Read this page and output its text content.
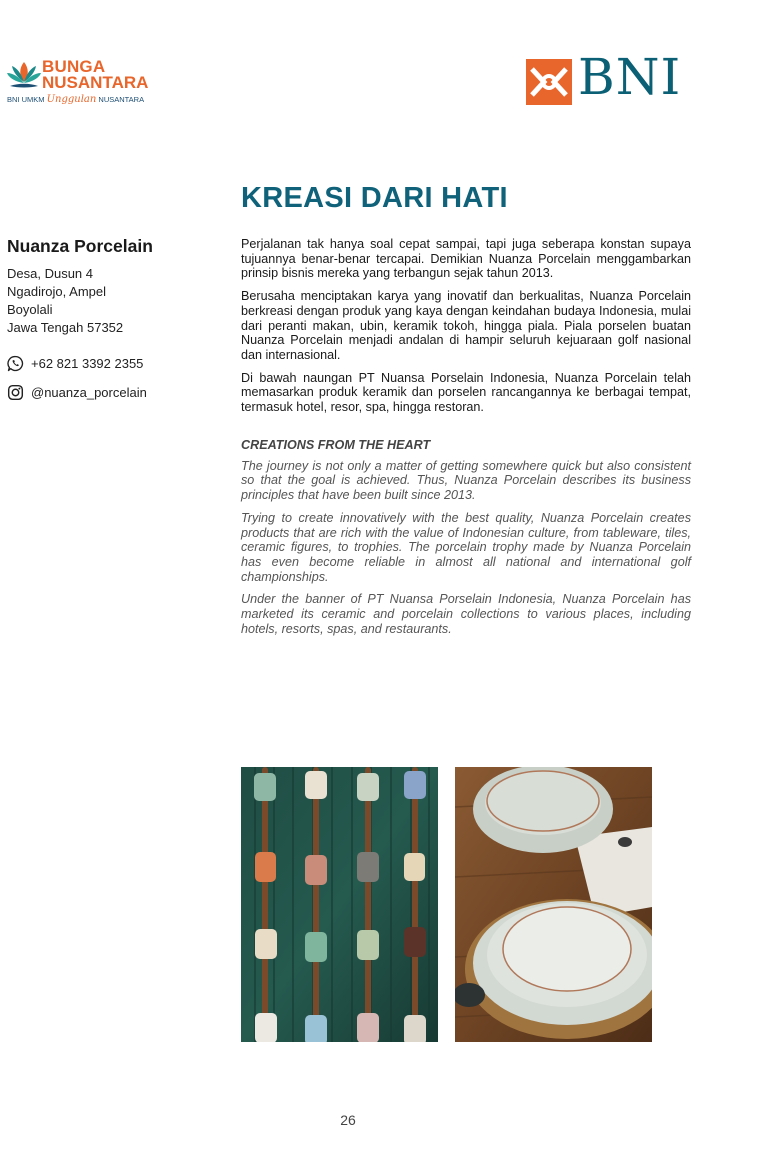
BUNGA
NUSANTARA
BNI UMKM Unggulan NUSANTARA	BNI
KREASI DARI HATI
Nuanza Porcelain
Desa, Dusun 4
Ngadirojo, Ampel
Boyolali
Jawa Tengah 57352
+62 821 3392 2355
@nuanza_porcelain

Perjalanan tak hanya soal cepat sampai, tapi juga seberapa konstan supaya tujuannya benar-benar tercapai. Demikian Nuanza Porcelain menggambarkan prinsip bisnis mereka yang terbangun sejak tahun 2013.

Berusaha menciptakan karya yang inovatif dan berkualitas, Nuanza Porcelain berkreasi dengan produk yang kaya dengan keindahan budaya Indonesia, mulai dari peranti makan, ubin, keramik tokoh, hingga piala. Piala porselen buatan Nuanza Porcelain menjadi andalan di hampir seluruh kejuaraan golf nasional dan internasional.

Di bawah naungan PT Nuansa Porselain Indonesia, Nuanza Porcelain telah memasarkan produk keramik dan porselen rancangannya ke berbagai tempat, termasuk hotel, resor, spa, hingga restoran.

CREATIONS FROM THE HEART

The journey is not only a matter of getting somewhere quick but also consistent so that the goal is achieved. Thus, Nuanza Porcelain describes its business principles that have been built since 2013.

Trying to create innovatively with the best quality, Nuanza Porcelain creates products that are rich with the value of Indonesian culture, from tableware, tiles, ceramic figures, to trophies. The porcelain trophy made by Nuanza Porcelain has even become reliable in almost all national and international golf championships.

Under the banner of PT Nuansa Porselain Indonesia, Nuanza Porcelain has marketed its ceramic and porcelain collections to various places, including hotels, resorts, spas, and restaurants.

26
